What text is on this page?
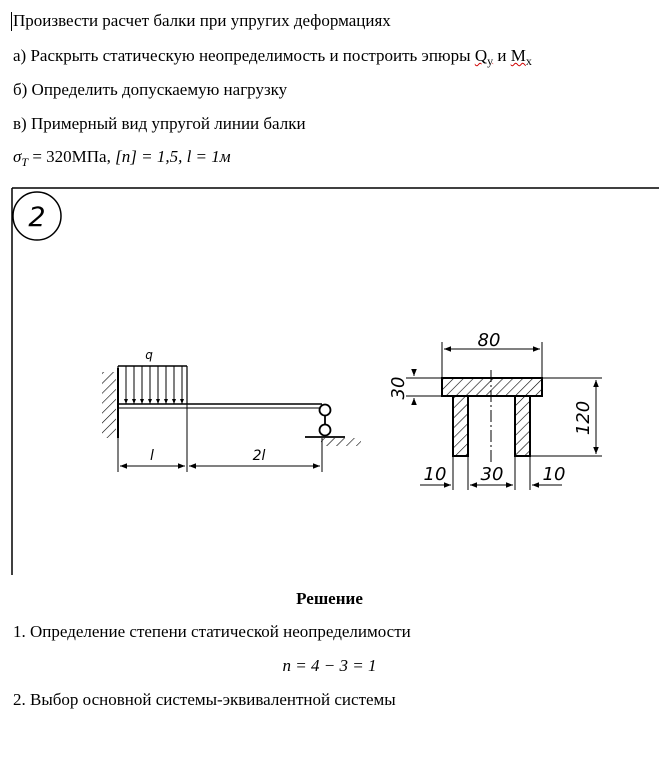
Произвести расчет балки при упругих деформациях
а) Раскрыть статическую неопределимость и построить эпюры $Q_y$ и $M_x$
б) Определить допускаемую нагрузку
в) Примерный вид упругой линии балки
$\sigma_T = 320МПа$, [n] = 1,5, l = 1м
2
q
l	2l
80
30
120
10 30 10
Решение
1. Определение степени статической неопределимости
n = 4 − 3 = 1
2. Выбор основной системы-эквивалентной системы
